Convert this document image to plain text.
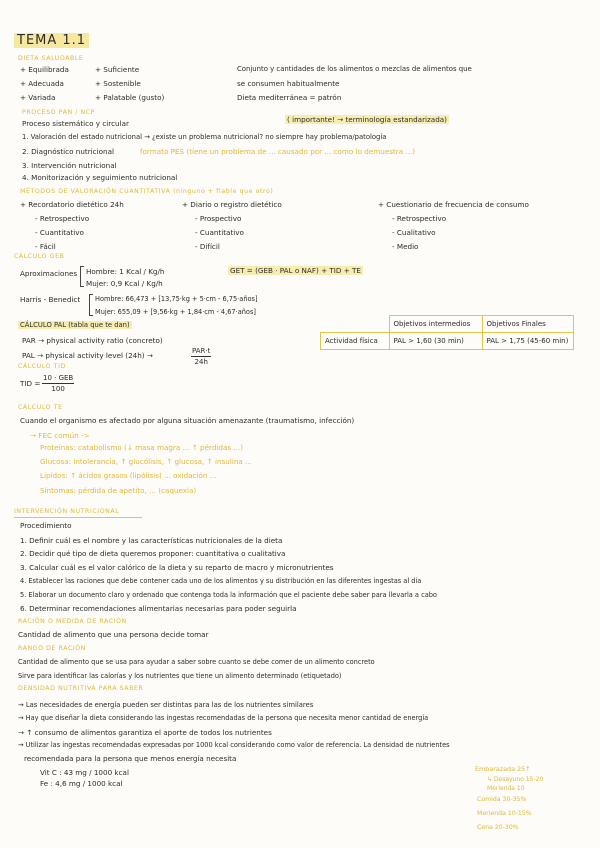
TEMA 1.1
DIETA SALUDABLE
+ Equilibrada
+ Adecuada
+ Variada
+ Suficiente
+ Sostenible
+ Palatable (gusto)
Conjunto y cantidades de los alimentos o mezclas de alimentos que
se consumen habitualmente
Dieta mediterránea = patrón
PROCESO PAN / NCP
Proceso sistemático y circular	( importante! → terminología estandarizada)
1. Valoración del estado nutricional → ¿existe un problema nutricional? no siempre hay problema/patología
2. Diagnóstico nutricional	formato PES (tiene un problema de ... causado por ... como lo demuestra ...)
3. Intervención nutricional
4. Monitorización y seguimiento nutricional
MÉTODOS DE VALORACIÓN CUANTITATIVA (ninguno + fiable que otro)
+ Recordatorio dietético 24h
- Retrospectivo
- Cuantitativo
- Fácil
+ Diario o registro dietético
- Prospectivo
- Cuantitativo
- Difícil
+ Cuestionario de frecuencia de consumo
- Retrospectivo
- Cualitativo
- Medio
CÁLCULO GEB
Aproximaciones Hombre: 1 Kcal / Kg/h
Mujer: 0,9 Kcal / Kg/h
GET = (GEB · PAL o NAF) + TID + TE
Harris - Benedict Hombre: 66,473 + [13,75·kg + 5·cm - 6,75·años]
Mujer: 655,09 + [9,56·kg + 1,84·cm - 4,67·años]
CÁLCULO PAL (tabla que te dan)
PAR → physical activity ratio (concreto)
PAL → physical activity level (24h) →	PAR·t
24h
	Objetivos intermedios	Objetivos Finales
Actividad física	PAL > 1,60 (30 min)	PAL > 1,75 (45-60 min)
CÁLCULO TID
TID =
10 · GEB
100
CÁLCULO TE
Cuando el organismo es afectado por alguna situación amenazante (traumatismo, infección)
→ FEC común ->
Proteínas: catabolismo (↓ masa magra ... ↑ pérdidas ...)
Glucosa: intolerancia, ↑ glucólisis, ↑ glucosa, ↑ insulina ...
Lípidos: ↑ ácidos grasos (lipólisis) ... oxidación ...
Síntomas: pérdida de apetito, ... (caquexia)
INTERVENCIÓN NUTRICIONAL
Procedimiento
1. Definir cuál es el nombre y las características nutricionales de la dieta
2. Decidir qué tipo de dieta queremos proponer: cuantitativa o cualitativa
3. Calcular cuál es el valor calórico de la dieta y su reparto de macro y micronutrientes
4. Establecer las raciones que debe contener cada uno de los alimentos y su distribución en las diferentes ingestas al día
5. Elaborar un documento claro y ordenado que contenga toda la información que el paciente debe saber para llevarla a cabo
6. Determinar recomendaciones alimentarias necesarias para poder seguirla
RACIÓN O MEDIDA DE RACIÓN
Cantidad de alimento que una persona decide tomar
RANGO DE RACIÓN
Cantidad de alimento que se usa para ayudar a saber sobre cuanto se debe comer de un alimento concreto
Sirve para identificar las calorías y los nutrientes que tiene un alimento determinado (etiquetado)
DENSIDAD NUTRITIVA PARA SABER
→ Las necesidades de energía pueden ser distintas para las de los nutrientes similares
→ Hay que diseñar la dieta considerando las ingestas recomendadas de la persona que necesita menor cantidad de energía
→ ↑ consumo de alimentos garantiza el aporte de todos los nutrientes
→ Utilizar las ingestas recomendadas expresadas por 1000 kcal considerando como valor de referencia. La densidad de nutrientes
recomendada para la persona que menos energía necesita
Vit C : 43 mg / 1000 kcal
Fe : 4,6 mg / 1000 kcal
Embarazada 25↑
↳ Desayuno 15-20
Merienda 10
Comida 30-35%
Merienda 10-15%
Cena 20-30%
